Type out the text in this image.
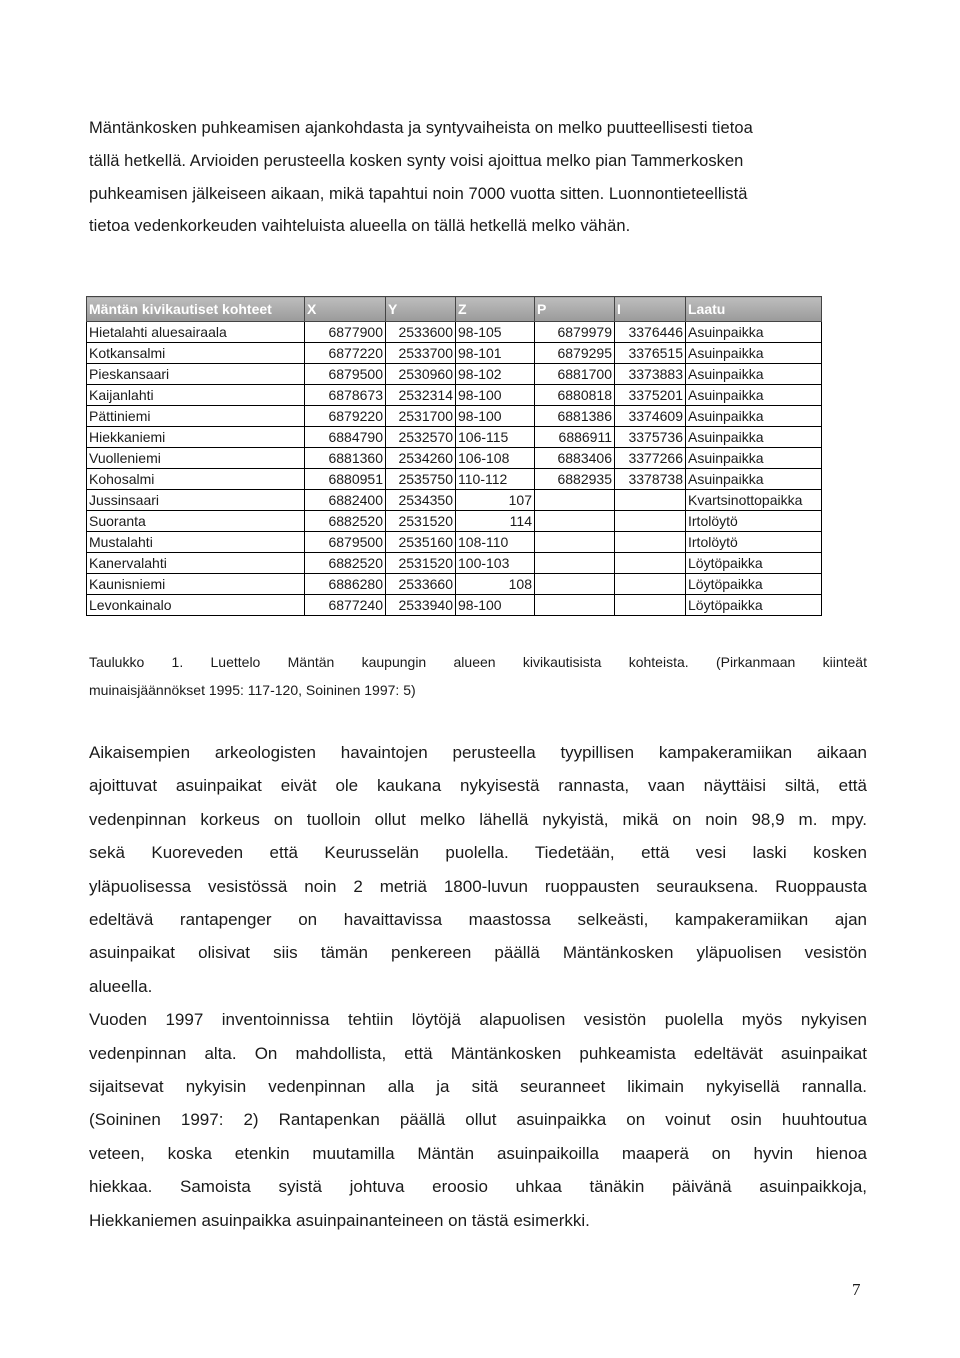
Mäntänkosken puhkeamisen ajankohdasta ja syntyvaiheista on melko puutteellisesti tietoa
tällä hetkellä. Arvioiden perusteella kosken synty voisi ajoittua melko pian Tammerkosken
puhkeamisen jälkeiseen aikaan, mikä tapahtui noin 7000 vuotta sitten. Luonnontieteellistä
tietoa vedenkorkeuden vaihteluista alueella on tällä hetkellä melko vähän.
Mäntän kivikautiset kohteet	X	Y	Z	P	I	Laatu
Hietalahti aluesairaala	6877900	2533600	98-105	6879979	3376446	Asuinpaikka
Kotkansalmi	6877220	2533700	98-101	6879295	3376515	Asuinpaikka
Pieskansaari	6879500	2530960	98-102	6881700	3373883	Asuinpaikka
Kaijanlahti	6878673	2532314	98-100	6880818	3375201	Asuinpaikka
Pättiniemi	6879220	2531700	98-100	6881386	3374609	Asuinpaikka
Hiekkaniemi	6884790	2532570	106-115	6886911	3375736	Asuinpaikka
Vuolleniemi	6881360	2534260	106-108	6883406	3377266	Asuinpaikka
Kohosalmi	6880951	2535750	110-112	6882935	3378738	Asuinpaikka
Jussinsaari	6882400	2534350	107			Kvartsinottopaikka
Suoranta	6882520	2531520	114			Irtolöytö
Mustalahti	6879500	2535160	108-110			Irtolöytö
Kanervalahti	6882520	2531520	100-103			Löytöpaikka
Kaunisniemi	6886280	2533660	108			Löytöpaikka
Levonkainalo	6877240	2533940	98-100			Löytöpaikka
Taulukko 1. Luettelo Mäntän kaupungin alueen kivikautisista kohteista. (Pirkanmaan kiinteät
muinaisjäännökset 1995: 117-120, Soininen 1997: 5)
Aikaisempien arkeologisten havaintojen perusteella tyypillisen kampakeramiikan aikaan
ajoittuvat asuinpaikat eivät ole kaukana nykyisestä rannasta, vaan näyttäisi siltä, että
vedenpinnan korkeus on tuolloin ollut melko lähellä nykyistä, mikä on noin 98,9 m. mpy.
sekä Kuoreveden että Keurusselän puolella. Tiedetään, että vesi laski kosken
yläpuolisessa vesistössä noin 2 metriä 1800-luvun ruoppausten seurauksena. Ruoppausta
edeltävä rantapenger on havaittavissa maastossa selkeästi, kampakeramiikan ajan
asuinpaikat olisivat siis tämän penkereen päällä Mäntänkosken yläpuolisen vesistön
alueella.
Vuoden 1997 inventoinnissa tehtiin löytöjä alapuolisen vesistön puolella myös nykyisen
vedenpinnan alta. On mahdollista, että Mäntänkosken puhkeamista edeltävät asuinpaikat
sijaitsevat nykyisin vedenpinnan alla ja sitä seuranneet likimain nykyisellä rannalla.
(Soininen 1997: 2) Rantapenkan päällä ollut asuinpaikka on voinut osin huuhtoutua
veteen, koska etenkin muutamilla Mäntän asuinpaikoilla maaperä on hyvin hienoa
hiekkaa. Samoista syistä johtuva eroosio uhkaa tänäkin päivänä asuinpaikkoja,
Hiekkaniemen asuinpaikka asuinpainanteineen on tästä esimerkki.
7
